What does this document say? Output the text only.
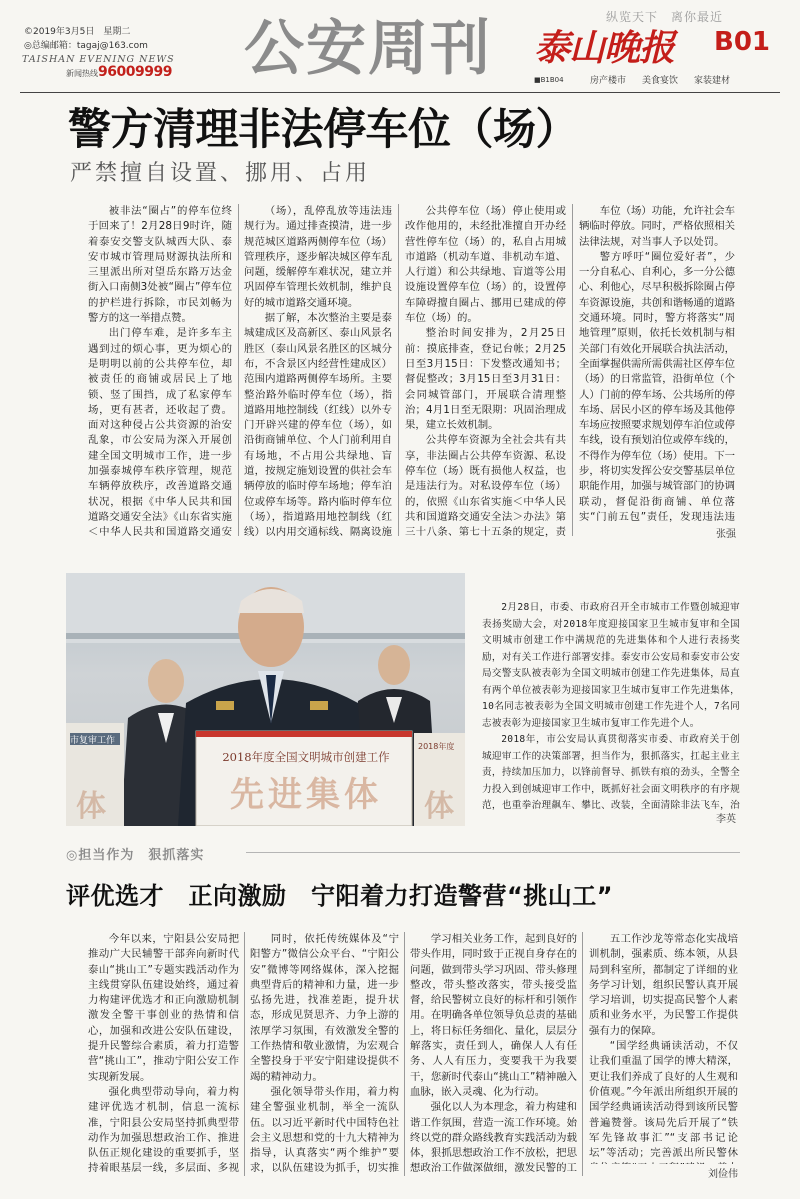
©2019年3月5日　星期二
◎总编邮箱：tagaj@163.com
TAISHAN EVENING NEWS
新闻热线 96009999 公安周刊	纵览天下　离你最近
泰山晚报 B01
■B1B04	房产楼市 美食宴饮 家装建材
警方清理非法停车位（场）
严禁擅自设置、挪用、占用

被非法“圈占”的停车位终于回来了！2月28日9时许，随着泰安交警支队城西大队、泰安市城市管理局财源执法所和三里派出所对望岳东路万达金街入口南侧3处被“圈占”停车位的护栏进行拆除，市民刘畅为警方的这一举措点赞。

出门停车难，是许多车主遇到过的烦心事，更为烦心的是明明以前的公共停车位，却被责任的商铺或居民上了地锁、竖了围挡，成了私家停车场，更有甚者，还收起了费。面对这种侵占公共资源的治安乱象，市公安局为深入开展创建全国文明城市工作，进一步加强泰城停车秩序管理，规范车辆停放秩序，改善道路交通状况，根据《中华人民共和国道路交通安全法》《山东省实施＜中华人民共和国道路交通安

（场），乱停乱放等违法违规行为。通过排查摸清，进一步规范城区道路两侧停车位（场）管理秩序，逐步解决城区停车乱问题，缓解停车难状况，建立并巩固停车管理长效机制，维护良好的城市道路交通环境。

据了解，本次整治主要是泰城建成区及高新区、泰山风景名胜区（泰山风景名胜区的区城分布，不含景区内经营性建成区）范围内道路两侧停车场所。主要整治路外临时停车位（场），指道路用地控制线（红线）以外专门开辟兴建的停车位（场），如沿街商铺单位、个人门前利用自有场地，不占用公共绿地、盲道，按规定施划设置的供社会车辆停放的临时停车场地；停车泊位或停车场等。路内临时停车位（场），指道路用地控制线（红线）以内用交通标线、隔离设施

公共停车位（场）停止使用或改作他用的，未经批准擅自开办经营性停车位（场）的，私自占用城市道路（机动车道、非机动车道、人行道）和公共绿地、盲道等公用设施设置停车位（场）的，设置停车障碍擅自圈占、挪用已建成的停车位（场）的。

整治时间安排为，2月25日前：摸底排查，登记台帐；2月25日至3月15日：下发整改通知书；督促整改；3月15日至3月31日：会同城管部门，开展联合清理整治；4月1日至无限期：巩固治理成果，建立长效机制。

公共停车资源为全社会共有共享，非法圈占公共停车资源、私设停车位（场）既有损他人权益，也是违法行为。对私设停车位（场）的，依照《山东省实施＜中华人民共和国道路交通安全法＞办法》第三十八条、第七十五条的规定，责

车位（场）功能，允许社会车辆临时停放。同时，严格依照相关法律法规，对当事人予以处罚。

警方呼吁“圈位爱好者”，少一分自私心、自利心，多一分公德心、利他心，尽早积极拆除圈占停车资源设施，共创和谐畅通的道路交通环境。同时，警方将落实“周地管理”原则，依托长效机制与相关部门有效化开展联合执法活动，全面掌握供需所需供需社区停车位（场）的日常监管，沿街单位（个人）门前的停车场、公共场所的停车场、居民小区的停车场及其他停车场应按照要求规划停车泊位或停车线，设有预划泊位或停车线的，不得作为停车位（场）使用。下一步，将切实发挥公安交警基层单位职能作用，加强与城管部门的协调联动，督促沿街商铺、单位落实“门前五包”责任，发现违法违

张强
2018年度全国文明城市创建工作
先进集体
市复审工作
体
2018年度
体

2月28日，市委、市政府召开全市城市工作暨创城迎审表扬奖励大会，对2018年度迎接国家卫生城市复审和全国文明城市创建工作中满规范的先进集体和个人进行表扬奖励，对有关工作进行部署安排。泰安市公安局和泰安市公安局交警支队被表彰为全国文明城市创建工作先进集体，局直有两个单位被表彰为迎接国家卫生城市复审工作先进集体，10名同志被表彰为全国文明城市创建工作先进个人，7名同志被表彰为迎接国家卫生城市复审工作先进个人。

2018年，市公安局认真贯彻落实市委、市政府关于创城迎审工作的决策部署，担当作为，狠抓落实，扛起主业主责，持续加压加力，以锋前督导、抓铁有痕的劲头，全警全力投入到创城迎审工作中，既抓好社会面文明秩序的有序规范，也重拳治理飙车、攀比、改装，全面清除非法飞车，治

李英
◎担当作为　狠抓落实
评优选才　正向激励　宁阳着力打造警营“挑山工”

今年以来，宁阳县公安局把推动广大民辅警干部奔向新时代泰山“挑山工”专题实践活动作为主线贯穿队伍建设始终，通过着力构建评优选才和正向激励机制激发全警干事创业的热情和信心，加强和改进公安队伍建设，提升民警综合素质，着力打造警营“挑山工”，推动宁阳公安工作实现新发展。

强化典型带动导向，着力构建评优选才机制，信息一流标准，宁阳县公安局坚持抓典型带动作为加强思想政治工作、推进队伍正规化建设的重要抓手，坚持着眼基层一线，多层面、多视

同时，依托传统媒体及“宁阳警方”微信公众平台、“宁阳公安”微博等网络媒体，深入挖掘典型背后的精神和力量，进一步弘扬先进，找准差距，提升状态，形成见贤思齐、力争上游的浓厚学习氛围，有效激发全警的工作热情和敬业激情，为宏观合全警投身于平安宁阳建设提供不竭的精神动力。

强化领导带头作用，着力构建全警强业机制，举全一流队伍。以习近平新时代中国特色社会主义思想和党的十九大精神为指导，认真落实“两个维护”要求，以队伍建设为抓手，切实推

学习相关业务工作，起到良好的带头作用，同时致于正视自身存在的问题，做到带头学习巩固、带头修理整改，带头整改落实，带头接受监督，给民警树立良好的标杆和引领作用。在明确各单位领导负总责的基础上，将日标任务细化、量化，层层分解落实，责任到人，确保人人有任务、人人有压力，变要我干为我要干，您新时代泰山“挑山工”精神融入血脉，嵌入灵魂、化为行动。

强化以人为本理念，着力构建和谐工作氛围，营造一流工作环境。始终以党的群众路线教育实践活动为载体，狠抓思想政治工作不放松，把思想政治工作做深做细，激发民警的工

五工作沙龙等常态化实战培训机制，强素质、练本领，从县局到科室所，都制定了详细的业务学习计划，组织民警认真开展学习培训，切实提高民警个人素质和业务水平，为民警工作提供强有力的保障。

“国学经典诵读活动，不仅让我们重温了国学的博大精深，更让我们养成了良好的人生观和价值观。”今年派出所组织开展的国学经典诵读活动得到该所民警普遍赞誉。该局先后开展了“铁军先锋故事汇”“支部书记论坛”等活动；完善派出所民警休

刘俭伟
